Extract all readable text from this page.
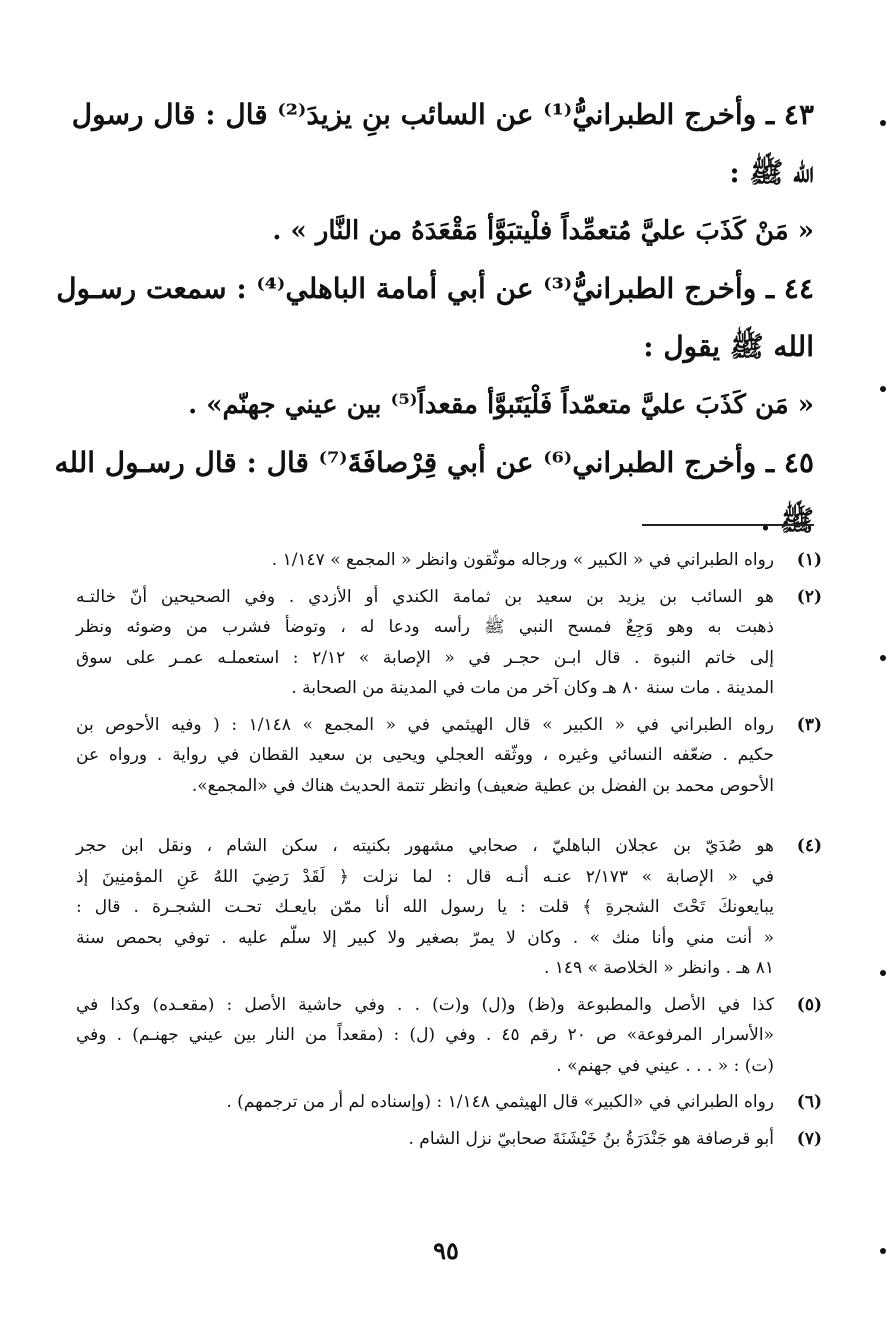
٤٣ ـ وأخرج الطبرانيُّ⁽¹⁾ عن السائب بنِ يزيدَ⁽²⁾ قال : قال رسول
الله ﷺ :
« مَنْ كَذَبَ عليَّ مُتعمِّداً فلْيتبَوَّأ مَقْعَدَهُ من النَّار » .
٤٤ ـ وأخرج الطبرانيُّ⁽³⁾ عن أبي أمامة الباهلي⁽⁴⁾ : سمعت رسـول
الله ﷺ يقول :
« مَن كَذَبَ عليَّ متعمّداً فَلْيَتَبوَّأ مقعداً⁽⁵⁾ بين عيني جهنّم» .
٤٥ ـ وأخرج الطبراني⁽⁶⁾ عن أبي قِرْصافَةَ⁽⁷⁾ قال : قال رسـول الله
ﷺ .
(١)
رواه الطبراني في « الكبير » ورجاله موثّقون وانظر « المجمع » ١/١٤٧ .
(٢)
هو السائب بن يزيد بن سعيد بن ثمامة الكندي أو الأزدي . وفي الصحيحين أنّ خالتـه
ذهبت به وهو وَجِعٌ فمسح النبي ﷺ رأسه ودعا له ، وتوضأ فشرب من وضوئه ونظر
إلى خاتم النبوة . قال ابـن حجـر في « الإصابة » ٢/١٢ : استعملـه عمـر على سوق
المدينة . مات سنة ٨٠ هـ وكان آخر من مات في المدينة من الصحابة .
(٣)
رواه الطبراني في « الكبير » قال الهيثمي في « المجمع » ١/١٤٨ : ( وفيه الأحوص بن
حكيم . ضعّفه النسائي وغيره ، ووثّقه العجلي ويحيى بن سعيد القطان في رواية . ورواه عن
الأحوص محمد بن الفضل بن عطية ضعيف) وانظر تتمة الحديث هناك في «المجمع».
(٤)
هو صُدَيّ بن عجلان الباهليّ ، صحابي مشهور بكنيته ، سكن الشام ، ونقل ابن حجر
في « الإصابة » ٢/١٧٣ عنـه أنـه قال : لما نزلت ﴿ لَقَدْ رَضِيَ اللهُ عَنِ المؤمنِينَ إذ
يبايعونكَ تَحْتَ الشجرةِ ﴾ قلت : يا رسول الله أنا ممّن بايعـك تحـت الشجـرة . قال :
« أنت مني وأنا منك » . وكان لا يمرّ بصغير ولا كبير إلا سلّم عليه . توفي بحمص سنة
٨١ هـ . وانظر « الخلاصة » ١٤٩ .
(٥)
كذا في الأصل والمطبوعة و(ظ) و(ل) و(ت) . . وفي حاشية الأصل : (مقعـده) وكذا في
«الأسرار المرفوعة» ص ٢٠ رقم ٤٥ . وفي (ل) : (مقعداً من النار بين عيني جهنـم) . وفي
(ت) : « . . . عيني في جهنم» .
(٦)
رواه الطبراني في «الكبير» قال الهيثمي ١/١٤٨ : (وإسناده لم أر من ترجمهم) .
(٧)
أبو قرصافة هو جَنْدَرَةُ بنُ خَيْشَنَةَ صحابيّ نزل الشام .
٩٥
